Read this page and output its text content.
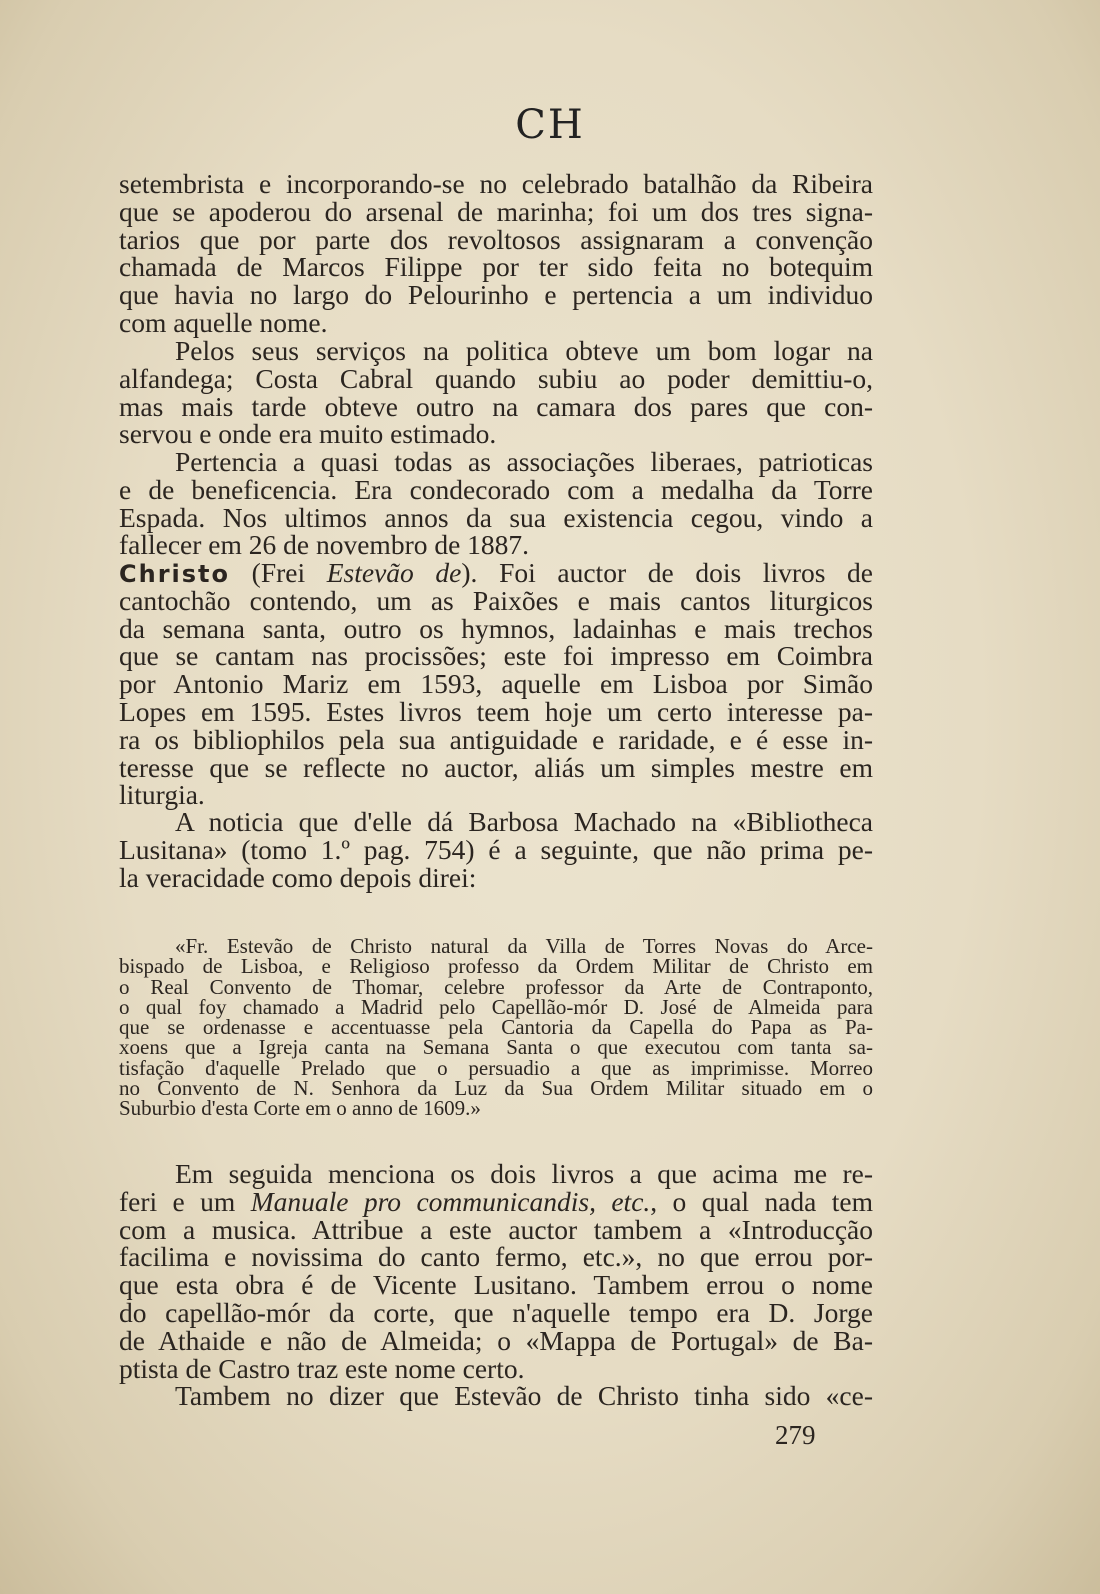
CH
setembrista e incorporando-se no celebrado batalhão da Ribeira
que se apoderou do arsenal de marinha; foi um dos tres signa-
tarios que por parte dos revoltosos assignaram a convenção
chamada de Marcos Filippe por ter sido feita no botequim
que havia no largo do Pelourinho e pertencia a um individuo
com aquelle nome.
Pelos seus serviços na politica obteve um bom logar na
alfandega; Costa Cabral quando subiu ao poder demittiu-o,
mas mais tarde obteve outro na camara dos pares que con-
servou e onde era muito estimado.
Pertencia a quasi todas as associações liberaes, patrioticas
e de beneficencia. Era condecorado com a medalha da Torre
Espada. Nos ultimos annos da sua existencia cegou, vindo a
fallecer em 26 de novembro de 1887.
Christo (Frei Estevão de). Foi auctor de dois livros de
cantochão contendo, um as Paixões e mais cantos liturgicos
da semana santa, outro os hymnos, ladainhas e mais trechos
que se cantam nas procissões; este foi impresso em Coimbra
por Antonio Mariz em 1593, aquelle em Lisboa por Simão
Lopes em 1595. Estes livros teem hoje um certo interesse pa-
ra os bibliophilos pela sua antiguidade e raridade, e é esse in-
teresse que se reflecte no auctor, aliás um simples mestre em
liturgia.
A noticia que d'elle dá Barbosa Machado na «Bibliotheca
Lusitana» (tomo 1.º pag. 754) é a seguinte, que não prima pe-
la veracidade como depois direi:
«Fr. Estevão de Christo natural da Villa de Torres Novas do Arce-
bispado de Lisboa, e Religioso professo da Ordem Militar de Christo em
o Real Convento de Thomar, celebre professor da Arte de Contraponto,
o qual foy chamado a Madrid pelo Capellão-mór D. José de Almeida para
que se ordenasse e accentuasse pela Cantoria da Capella do Papa as Pa-
xoens que a Igreja canta na Semana Santa o que executou com tanta sa-
tisfação d'aquelle Prelado que o persuadio a que as imprimisse. Morreo
no Convento de N. Senhora da Luz da Sua Ordem Militar situado em o
Suburbio d'esta Corte em o anno de 1609.»
Em seguida menciona os dois livros a que acima me re-
feri e um Manuale pro communicandis, etc., o qual nada tem
com a musica. Attribue a este auctor tambem a «Introducção
facilima e novissima do canto fermo, etc.», no que errou por-
que esta obra é de Vicente Lusitano. Tambem errou o nome
do capellão-mór da corte, que n'aquelle tempo era D. Jorge
de Athaide e não de Almeida; o «Mappa de Portugal» de Ba-
ptista de Castro traz este nome certo.
Tambem no dizer que Estevão de Christo tinha sido «ce-
279
